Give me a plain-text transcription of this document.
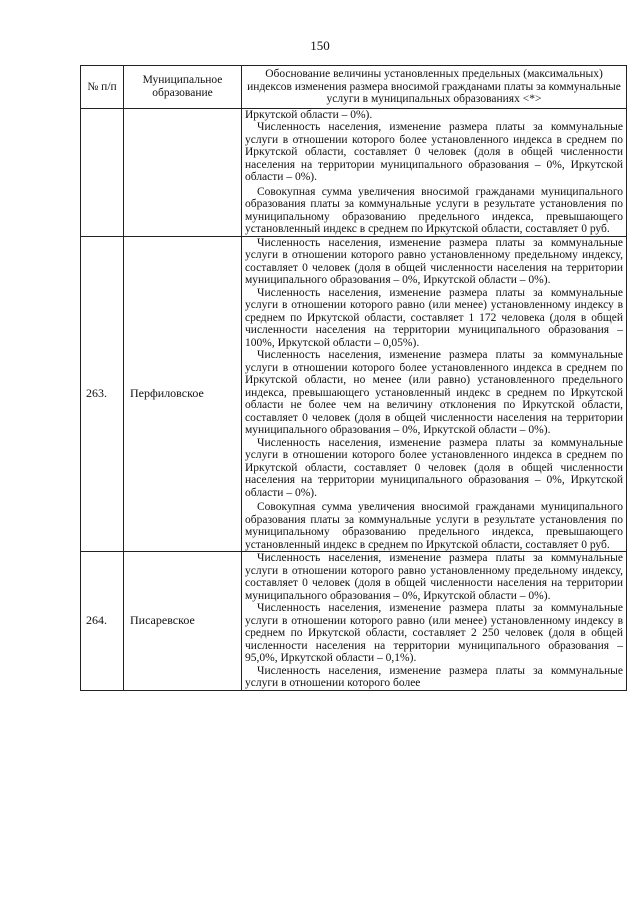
150
№ п/п	Муниципальное образование	Обоснование величины установленных предельных (максимальных) индексов изменения размера вносимой гражданами платы за коммунальные услуги в муниципальных образованиях <*>

		Иркутской области – 0%).

Численность населения, изменение размера платы за коммунальные услуги в отношении которого более установленного индекса в среднем по Иркутской области, составляет 0 человек (доля в общей численности населения на территории муниципального образования – 0%, Иркутской области – 0%).

Совокупная сумма увеличения вносимой гражданами муниципального образования платы за коммунальные услуги в результате установления по муниципальному образованию предельного индекса, превышающего установленный индекс в среднем по Иркутской области, составляет 0 руб.

263.	Перфиловское	Численность населения, изменение размера платы за коммунальные услуги в отношении которого равно установленному предельному индексу, составляет 0 человек (доля в общей численности населения на территории муниципального образования – 0%, Иркутской области – 0%).

Численность населения, изменение размера платы за коммунальные услуги в отношении которого равно (или менее) установленному индексу в среднем по Иркутской области, составляет 1 172 человека (доля в общей численности населения на территории муниципального образования – 100%, Иркутской области – 0,05%).

Численность населения, изменение размера платы за коммунальные услуги в отношении которого более установленного индекса в среднем по Иркутской области, но менее (или равно) установленного предельного индекса, превышающего установленный индекс в среднем по Иркутской области не более чем на величину отклонения по Иркутской области, составляет 0 человек (доля в общей численности населения на территории муниципального образования – 0%, Иркутской области – 0%).

Численность населения, изменение размера платы за коммунальные услуги в отношении которого более установленного индекса в среднем по Иркутской области, составляет 0 человек (доля в общей численности населения на территории муниципального образования – 0%, Иркутской области – 0%).

Совокупная сумма увеличения вносимой гражданами муниципального образования платы за коммунальные услуги в результате установления по муниципальному образованию предельного индекса, превышающего установленный индекс в среднем по Иркутской области, составляет 0 руб.

264.	Писаревское	Численность населения, изменение размера платы за коммунальные услуги в отношении которого равно установленному предельному индексу, составляет 0 человек (доля в общей численности населения на территории муниципального образования – 0%, Иркутской области – 0%).

Численность населения, изменение размера платы за коммунальные услуги в отношении которого равно (или менее) установленному индексу в среднем по Иркутской области, составляет 2 250 человек (доля в общей численности населения на территории муниципального образования – 95,0%, Иркутской области – 0,1%).

Численность населения, изменение размера платы за коммунальные услуги в отношении которого более
